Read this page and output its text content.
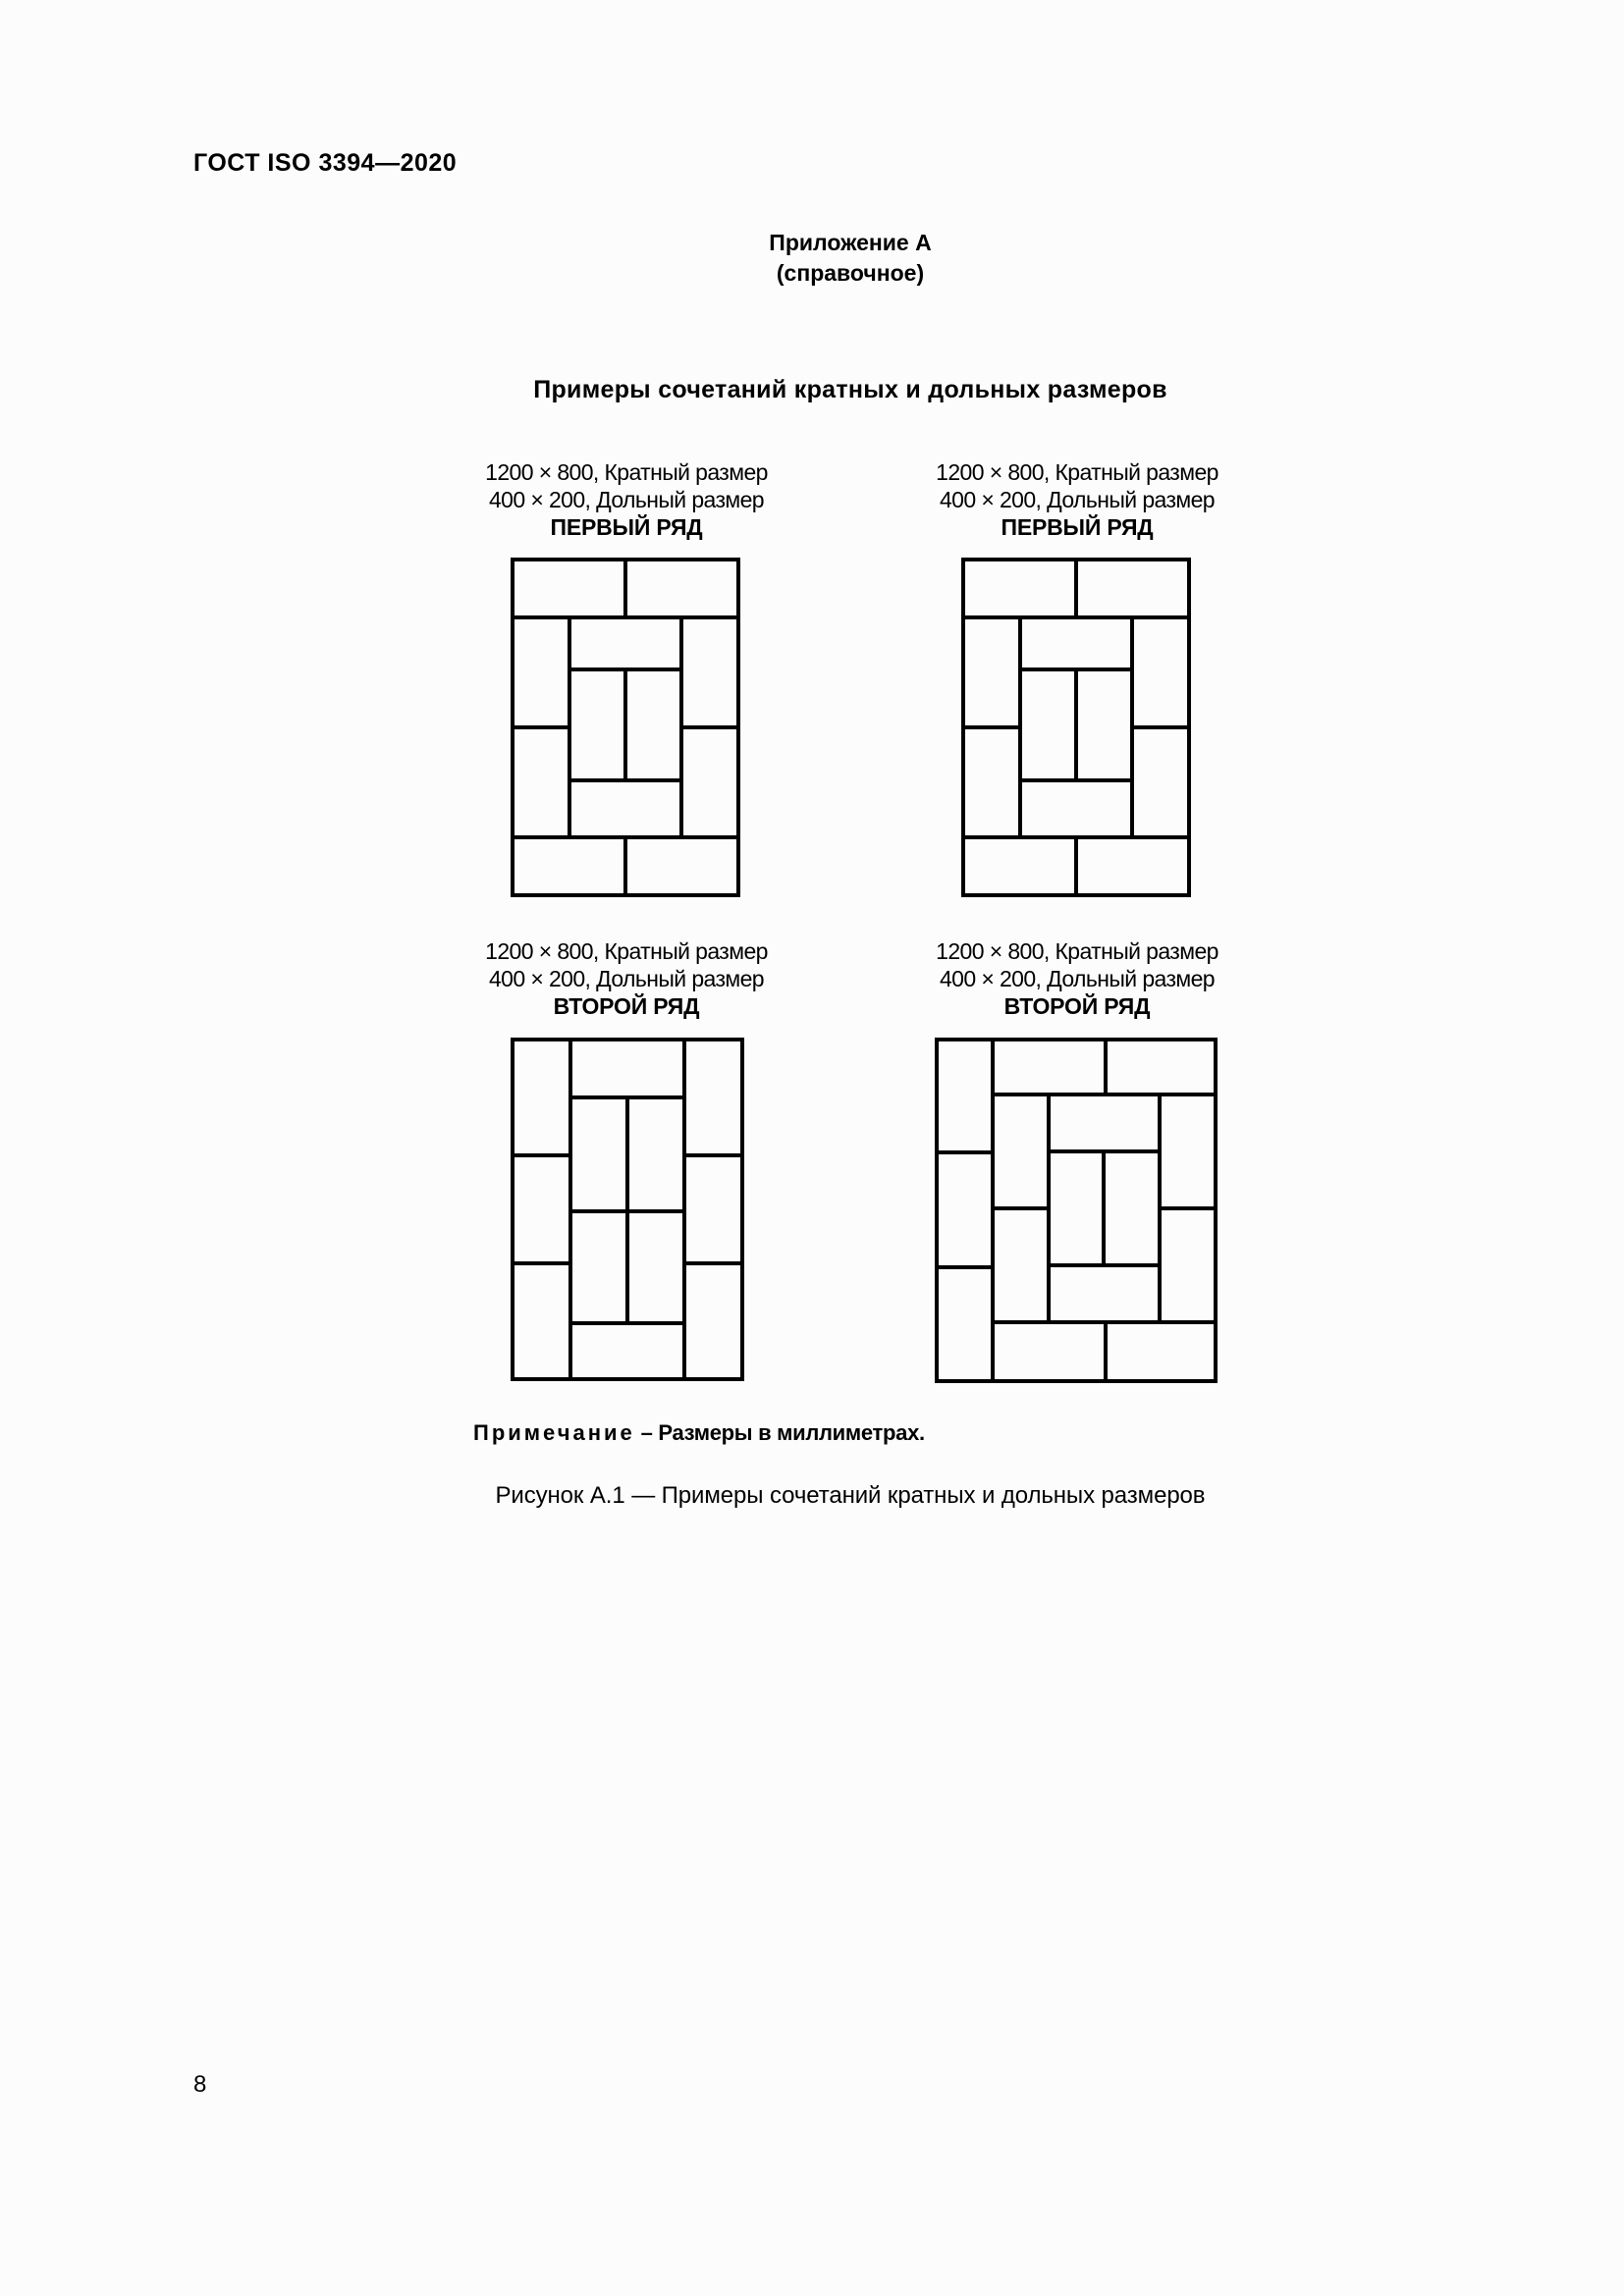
ГОСТ ISO 3394—2020
Приложение А
(справочное)
Примеры сочетаний кратных и дольных размеров
1200 × 800, Кратный размер
400 × 200, Дольный размер
ПЕРВЫЙ РЯД
1200 × 800, Кратный размер
400 × 200, Дольный размер
ПЕРВЫЙ РЯД
1200 × 800, Кратный размер
400 × 200, Дольный размер
ВТОРОЙ РЯД
1200 × 800, Кратный размер
400 × 200, Дольный размер
ВТОРОЙ РЯД
Примечание – Размеры в миллиметрах.
Рисунок А.1 — Примеры сочетаний кратных и дольных размеров
8
